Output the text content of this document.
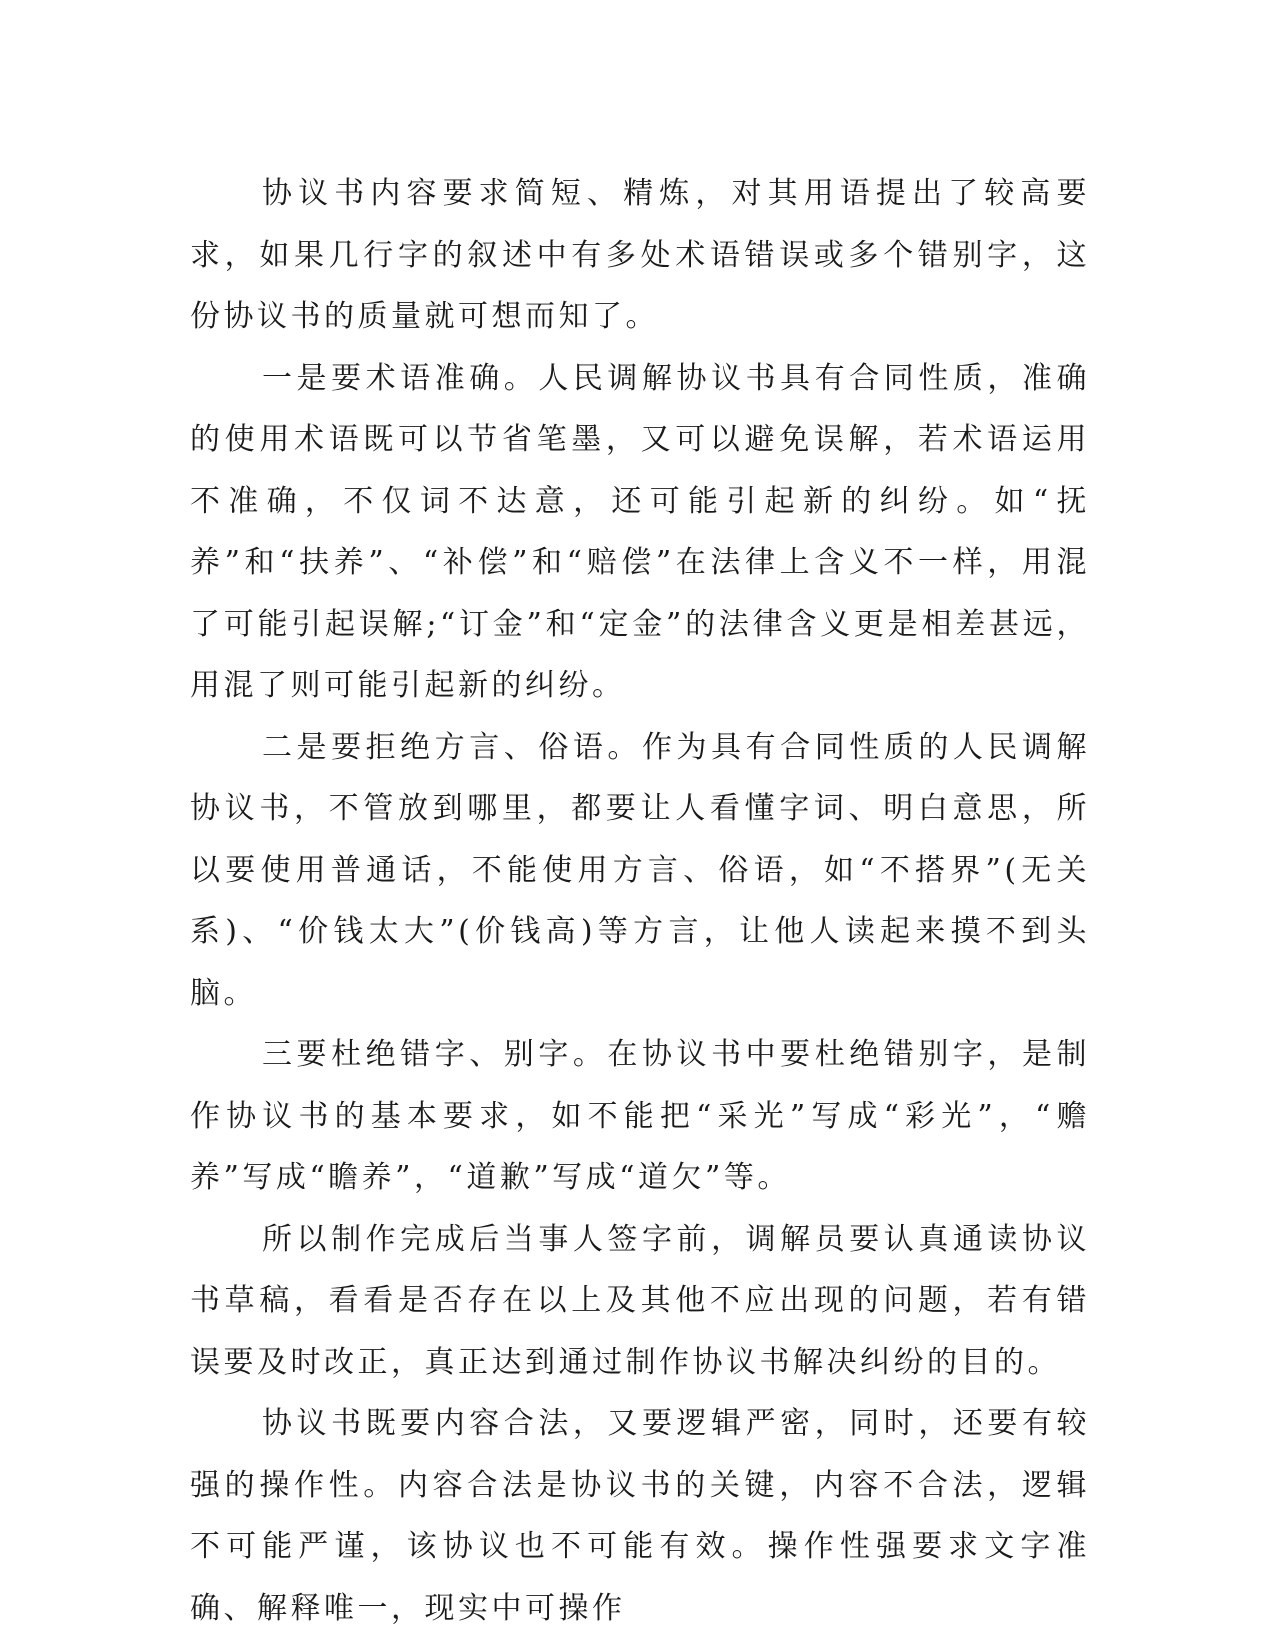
协议书内容要求简短、精炼，对其用语提出了较高要求，如果几行字的叙述中有多处术语错误或多个错别字，这份协议书的质量就可想而知了。

一是要术语准确。人民调解协议书具有合同性质，准确的使用术语既可以节省笔墨，又可以避免误解，若术语运用不准确，不仅词不达意，还可能引起新的纠纷。如“抚养”和“扶养”、“补偿”和“赔偿”在法律上含义不一样，用混了可能引起误解;“订金”和“定金”的法律含义更是相差甚远，用混了则可能引起新的纠纷。

二是要拒绝方言、俗语。作为具有合同性质的人民调解协议书，不管放到哪里，都要让人看懂字词、明白意思，所以要使用普通话，不能使用方言、俗语，如“不搭界”(无关系)、“价钱太大”(价钱高)等方言，让他人读起来摸不到头脑。

三要杜绝错字、别字。在协议书中要杜绝错别字，是制作协议书的基本要求，如不能把“采光”写成“彩光”，“赡养”写成“瞻养”，“道歉”写成“道欠”等。

所以制作完成后当事人签字前，调解员要认真通读协议书草稿，看看是否存在以上及其他不应出现的问题，若有错误要及时改正，真正达到通过制作协议书解决纠纷的目的。

协议书既要内容合法，又要逻辑严密，同时，还要有较强的操作性。内容合法是协议书的关键，内容不合法，逻辑不可能严谨，该协议也不可能有效。操作性强要求文字准确、解释唯一，现实中可操作
